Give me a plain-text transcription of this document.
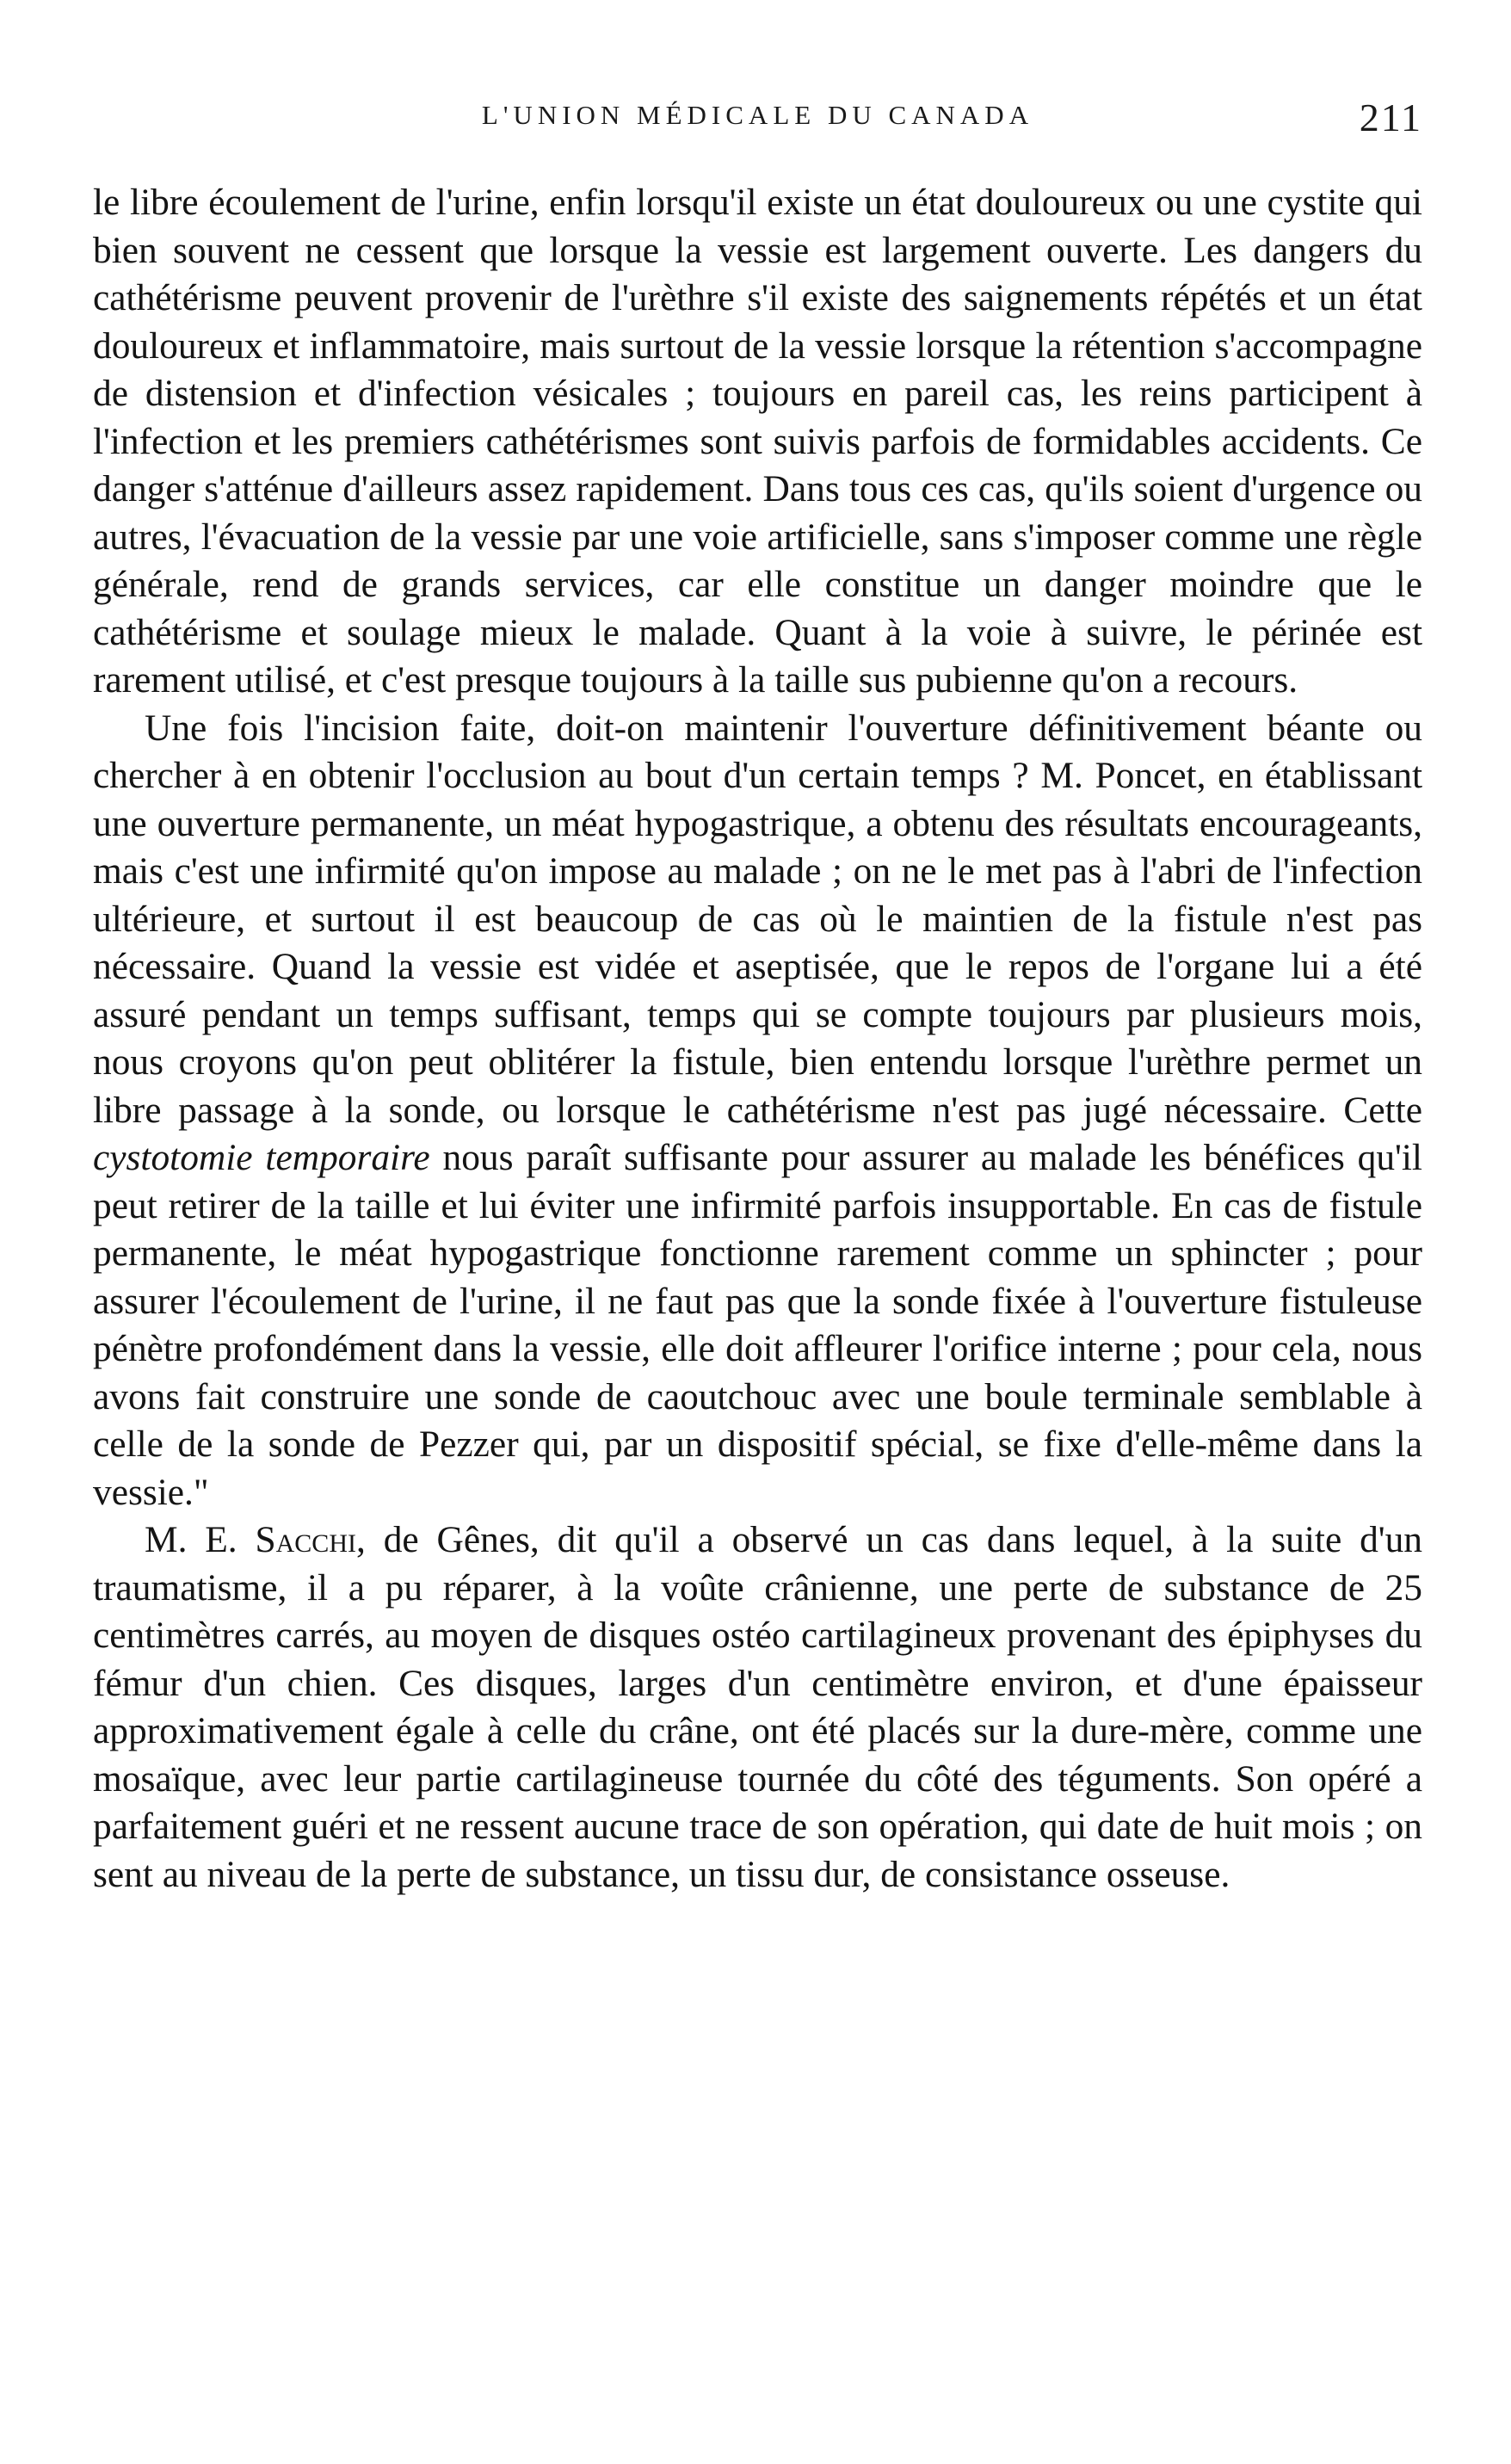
L'UNION MÉDICALE DU CANADA	211

le libre écoulement de l'urine, enfin lorsqu'il existe un état douloureux ou une cystite qui bien souvent ne cessent que lorsque la vessie est largement ouverte. Les dangers du cathétérisme peuvent provenir de l'urèthre s'il existe des saignements répétés et un état douloureux et inflammatoire, mais surtout de la vessie lorsque la rétention s'accompagne de distension et d'infection vésicales ; toujours en pareil cas, les reins participent à l'infection et les premiers cathétérismes sont suivis parfois de formidables accidents. Ce danger s'atténue d'ailleurs assez rapidement. Dans tous ces cas, qu'ils soient d'urgence ou autres, l'évacuation de la vessie par une voie artificielle, sans s'imposer comme une règle générale, rend de grands services, car elle constitue un danger moindre que le cathétérisme et soulage mieux le malade. Quant à la voie à suivre, le périnée est rarement utilisé, et c'est presque toujours à la taille sus pubienne qu'on a recours.

Une fois l'incision faite, doit-on maintenir l'ouverture définitivement béante ou chercher à en obtenir l'occlusion au bout d'un certain temps ? M. Poncet, en établissant une ouverture permanente, un méat hypogastrique, a obtenu des résultats encourageants, mais c'est une infirmité qu'on impose au malade ; on ne le met pas à l'abri de l'infection ultérieure, et surtout il est beaucoup de cas où le maintien de la fistule n'est pas nécessaire. Quand la vessie est vidée et aseptisée, que le repos de l'organe lui a été assuré pendant un temps suffisant, temps qui se compte toujours par plusieurs mois, nous croyons qu'on peut oblitérer la fistule, bien entendu lorsque l'urèthre permet un libre passage à la sonde, ou lorsque le cathétérisme n'est pas jugé nécessaire. Cette cystotomie temporaire nous paraît suffisante pour assurer au malade les bénéfices qu'il peut retirer de la taille et lui éviter une infirmité parfois insupportable. En cas de fistule permanente, le méat hypogastrique fonctionne rarement comme un sphincter ; pour assurer l'écoulement de l'urine, il ne faut pas que la sonde fixée à l'ouverture fistuleuse pénètre profondément dans la vessie, elle doit affleurer l'orifice interne ; pour cela, nous avons fait construire une sonde de caoutchouc avec une boule terminale semblable à celle de la sonde de Pezzer qui, par un dispositif spécial, se fixe d'elle-même dans la vessie."

M. E. Sacchi, de Gênes, dit qu'il a observé un cas dans lequel, à la suite d'un traumatisme, il a pu réparer, à la voûte crânienne, une perte de substance de 25 centimètres carrés, au moyen de disques ostéo cartilagineux provenant des épiphyses du fémur d'un chien. Ces disques, larges d'un centimètre environ, et d'une épaisseur approximativement égale à celle du crâne, ont été placés sur la dure-mère, comme une mosaïque, avec leur partie cartilagineuse tournée du côté des téguments. Son opéré a parfaitement guéri et ne ressent aucune trace de son opération, qui date de huit mois ; on sent au niveau de la perte de substance, un tissu dur, de consistance osseuse.
